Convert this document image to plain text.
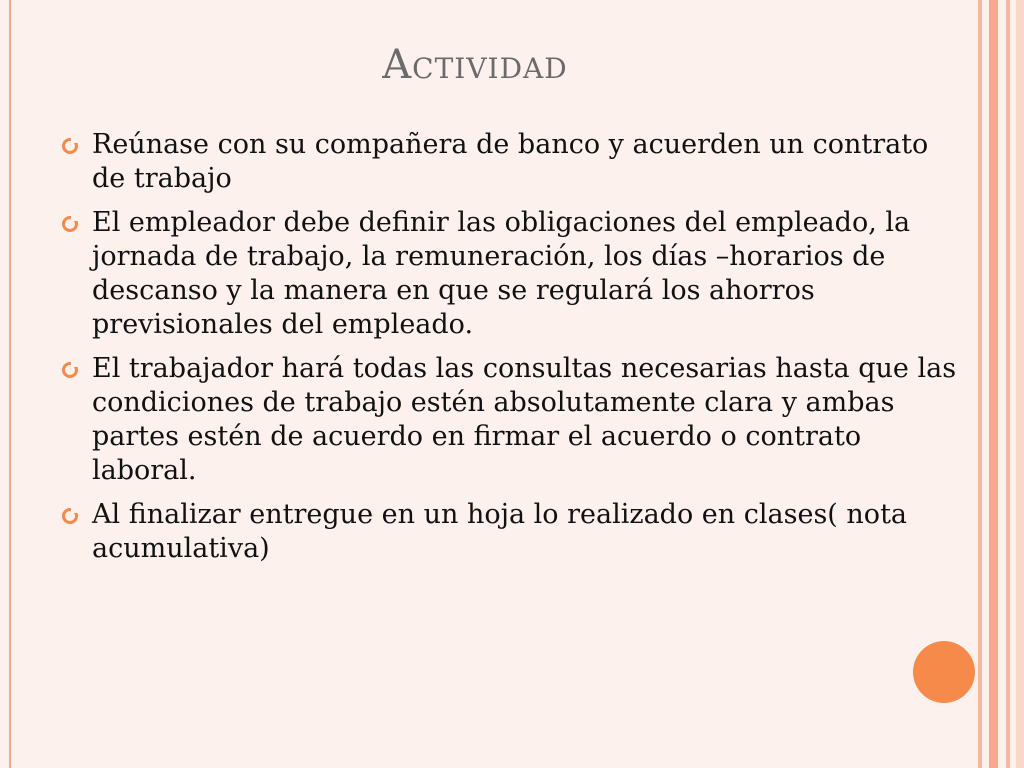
Actividad
Reúnase con su compañera de banco y acuerden un contrato de trabajo
El empleador debe definir las obligaciones del empleado, la jornada de trabajo, la remuneración, los días –horarios de descanso y la manera en que se regulará los ahorros previsionales del empleado.
El trabajador hará todas las consultas necesarias hasta que las condiciones de trabajo estén absolutamente clara y ambas partes estén de acuerdo en firmar el acuerdo o contrato laboral.
Al finalizar entregue en un hoja lo realizado en clases( nota acumulativa)
